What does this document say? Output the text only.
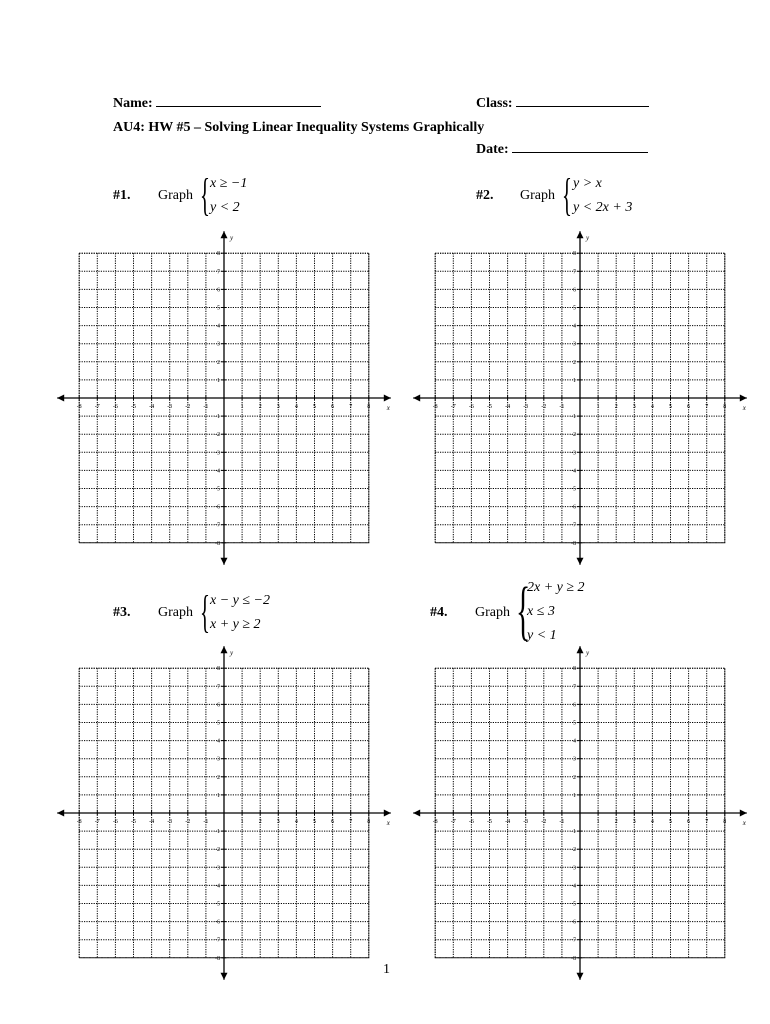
Name:	Class:
AU4: HW #5 – Solving Linear Inequality Systems Graphically
Date:
#1. Graph { x ≥ −1
y < 2
#2. Graph { y > x
y < 2x + 3
#3. Graph { x − y ≤ −2
x + y ≥ 2
#4. Graph {
2x + y ≥ 2
x ≤ 3
y < 1
x
y
-8 -7 -6 -5 -4 -3 -2 -1	1	2	3	4	5	6	7	8
8
7
6
5
4
3
2
1
-1
-2
-3
-4
-5
-6
-7
-8
x
y
-8 -7 -6 -5 -4 -3 -2 -1	1	2	3	4	5	6	7	8
8
7
6
5
4
3
2
1
-1
-2
-3
-4
-5
-6
-7
-8
x
y
-8 -7 -6 -5 -4 -3 -2 -1	1	2	3	4	5	6	7	8
8
7
6
5
4
3
2
1
-1
-2
-3
-4
-5
-6
-7
-8
x
y
-8 -7 -6 -5 -4 -3 -2 -1	1	2	3	4	5	6	7	8
8
7
6
5
4
3
2
1
-1
-2
-3
-4
-5
-6
-7
-8
1
